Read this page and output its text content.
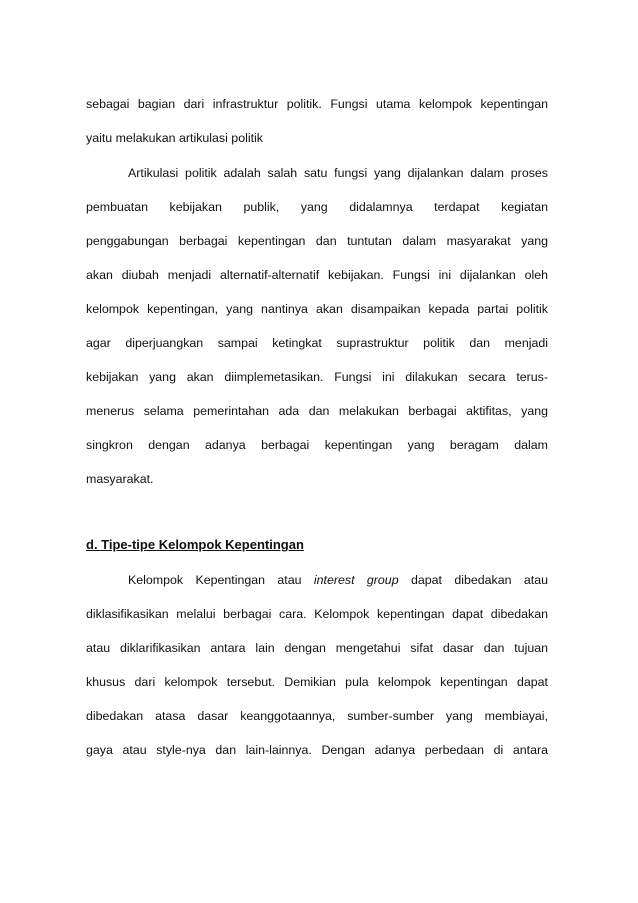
sebagai bagian dari infrastruktur politik. Fungsi utama kelompok kepentingan
yaitu melakukan artikulasi politik
Artikulasi politik adalah salah satu fungsi yang dijalankan dalam proses
pembuatan kebijakan publik, yang didalamnya terdapat kegiatan
penggabungan berbagai kepentingan dan tuntutan dalam masyarakat yang
akan diubah menjadi alternatif-alternatif kebijakan. Fungsi ini dijalankan oleh
kelompok kepentingan, yang nantinya akan disampaikan kepada partai politik
agar diperjuangkan sampai ketingkat suprastruktur politik dan menjadi
kebijakan yang akan diimplemetasikan. Fungsi ini dilakukan secara terus-
menerus selama pemerintahan ada dan melakukan berbagai aktifitas, yang
singkron dengan adanya berbagai kepentingan yang beragam dalam
masyarakat.
d. Tipe-tipe Kelompok Kepentingan
Kelompok Kepentingan atau interest group dapat dibedakan atau
diklasifikasikan melalui berbagai cara. Kelompok kepentingan dapat dibedakan
atau diklarifikasikan antara lain dengan mengetahui sifat dasar dan tujuan
khusus dari kelompok tersebut. Demikian pula kelompok kepentingan dapat
dibedakan atasa dasar keanggotaannya, sumber-sumber yang membiayai,
gaya atau style-nya dan lain-lainnya. Dengan adanya perbedaan di antara
